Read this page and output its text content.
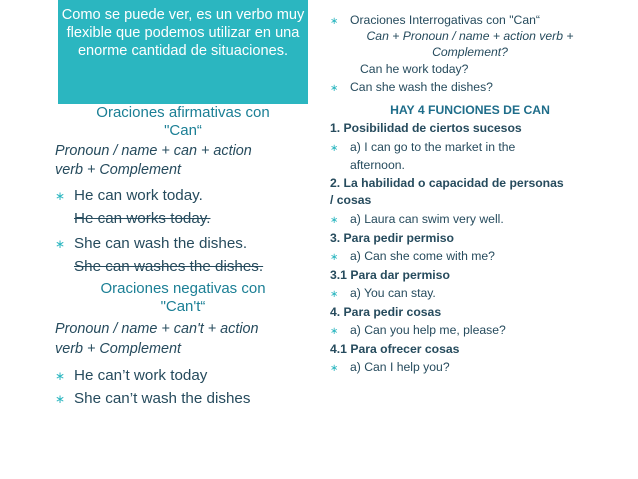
Como se puede ver, es un verbo muy flexible que podemos utilizar en una enorme cantidad de situaciones.
Oraciones afirmativas con
"Can“
Pronoun / name + can + action
verb + Complement
∗ He can work today.
He can works today.
∗ She can wash the dishes.
She can washes the dishes.
Oraciones negativas con
"Can't“
Pronoun / name + can't + action
verb + Complement
∗ He can’t work today
∗ She can’t wash the dishes
∗ Oraciones Interrogativas con "Can“
Can + Pronoun / name + action verb +
Complement?
Can he work today?
∗ Can she wash the dishes?
HAY 4 FUNCIONES DE CAN
1. Posibilidad de ciertos sucesos
∗ a) I can go to the market in the
afternoon.
2. La habilidad o capacidad de personas
/ cosas
∗ a) Laura can swim very well.
3. Para pedir permiso
∗ a) Can she come with me?
3.1 Para dar permiso
∗ a) You can stay.
4. Para pedir cosas
∗ a) Can you help me, please?
4.1 Para ofrecer cosas
∗ a) Can I help you?
